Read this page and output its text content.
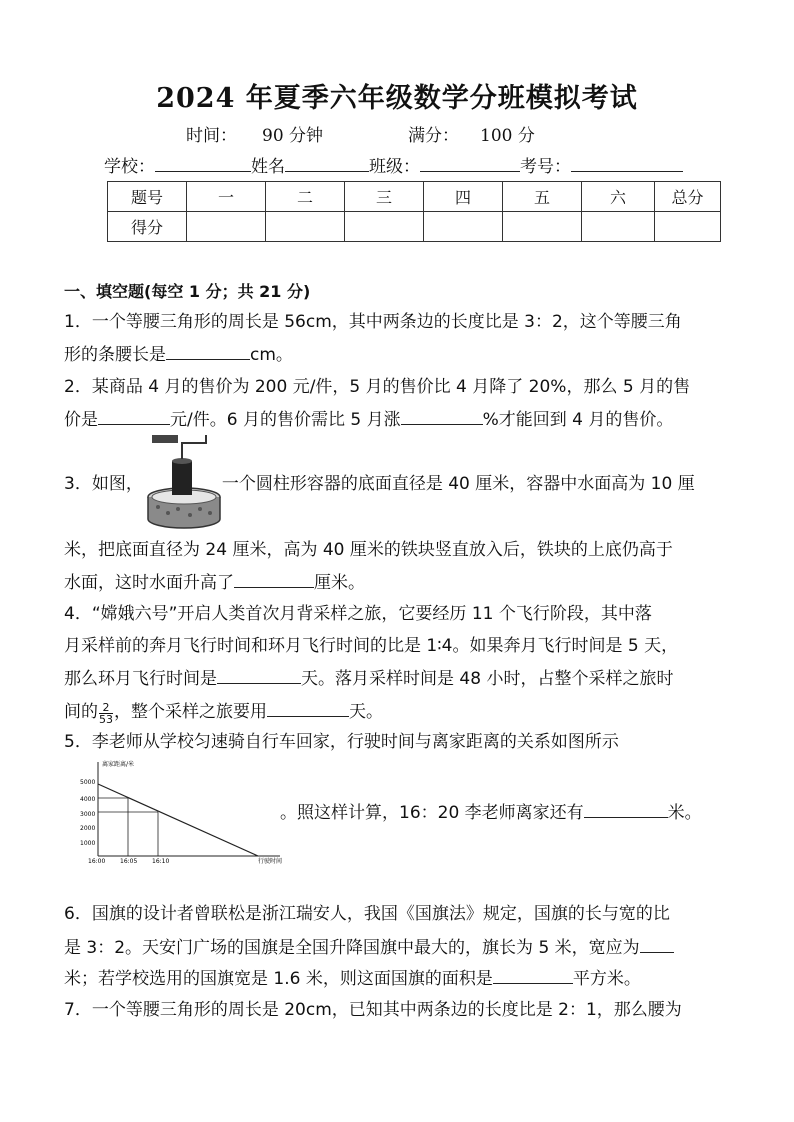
2024 年夏季六年级数学分班模拟考试
时间： 90 分钟	满分： 100 分
学校：	姓名	班级：	考号：
题号	一	二	三	四	五	六	总分
得分							
一、填空题(每空 1 分；共 21 分)
1．一个等腰三角形的周长是 56cm，其中两条边的长度比是 3：2，这个等腰三角
形的条腰长是	cm。
2．某商品 4 月的售价为 200 元/件，5 月的售价比 4 月降了 20%，那么 5 月的售
价是	元/件。6 月的售价需比 5 月涨	%才能回到 4 月的售价。
3．如图，	一个圆柱形容器的底面直径是 40 厘米，容器中水面高为 10 厘
米，把底面直径为 24 厘米，高为 40 厘米的铁块竖直放入后，铁块的上底仍高于
水面，这时水面升高了	厘米。
4．“嫦娥六号”开启人类首次月背采样之旅，它要经历 11 个飞行阶段，其中落
月采样前的奔月飞行时间和环月飞行时间的比是 1∶4。如果奔月飞行时间是 5 天，
那么环月飞行时间是	天。落月采样时间是 48 小时，占整个采样之旅时
间的 $\frac{2}{53}$ ，整个采样之旅要用	天。
5．李老师从学校匀速骑自行车回家，行驶时间与离家距离的关系如图所示
离家距离/米
行驶时间
5000
4000
3000
2000
1000
16:00 16:05 16:10
。照这样计算，16：20 李老师离家还有	米。
6．国旗的设计者曾联松是浙江瑞安人，我国《国旗法》规定，国旗的长与宽的比
是 3：2。天安门广场的国旗是全国升降国旗中最大的，旗长为 5 米，宽应为
米；若学校选用的国旗宽是 1.6 米，则这面国旗的面积是	平方米。
7．一个等腰三角形的周长是 20cm，已知其中两条边的长度比是 2：1，那么腰为
